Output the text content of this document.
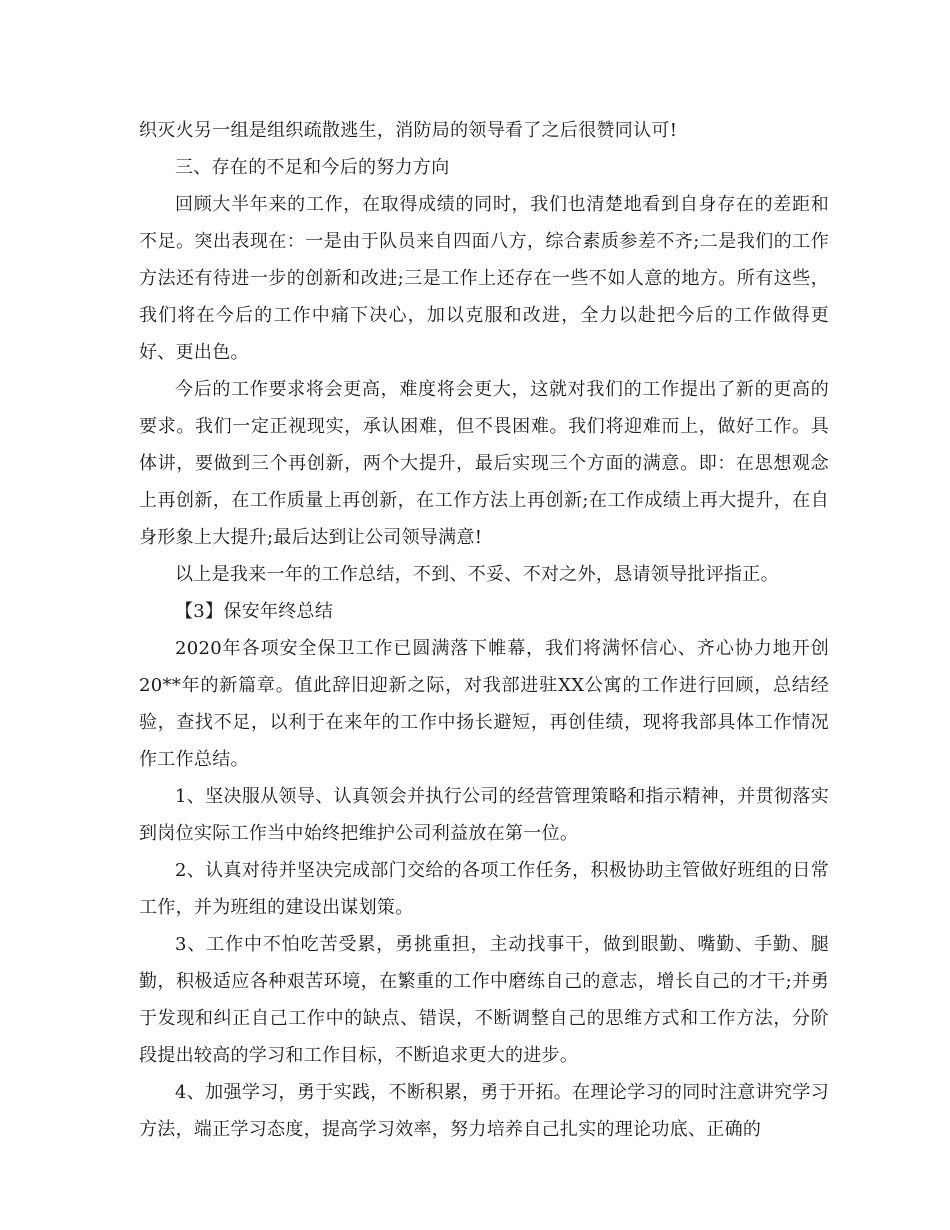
织灭火另一组是组织疏散逃生，消防局的领导看了之后很赞同认可!

三、存在的不足和今后的努力方向

回顾大半年来的工作，在取得成绩的同时，我们也清楚地看到自身存在的差距和不足。突出表现在：一是由于队员来自四面八方，综合素质参差不齐;二是我们的工作方法还有待进一步的创新和改进;三是工作上还存在一些不如人意的地方。所有这些，我们将在今后的工作中痛下决心，加以克服和改进，全力以赴把今后的工作做得更好、更出色。

今后的工作要求将会更高，难度将会更大，这就对我们的工作提出了新的更高的要求。我们一定正视现实，承认困难，但不畏困难。我们将迎难而上，做好工作。具体讲，要做到三个再创新，两个大提升，最后实现三个方面的满意。即：在思想观念上再创新，在工作质量上再创新，在工作方法上再创新;在工作成绩上再大提升，在自身形象上大提升;最后达到让公司领导满意!

以上是我来一年的工作总结，不到、不妥、不对之外，恳请领导批评指正。

【3】保安年终总结

2020年各项安全保卫工作已圆满落下帷幕，我们将满怀信心、齐心协力地开创20**年的新篇章。值此辞旧迎新之际，对我部进驻XX公寓的工作进行回顾，总结经验，查找不足，以利于在来年的工作中扬长避短，再创佳绩，现将我部具体工作情况作工作总结。

1、坚决服从领导、认真领会并执行公司的经营管理策略和指示精神，并贯彻落实到岗位实际工作当中始终把维护公司利益放在第一位。

2、认真对待并坚决完成部门交给的各项工作任务，积极协助主管做好班组的日常工作，并为班组的建设出谋划策。

3、工作中不怕吃苦受累，勇挑重担，主动找事干，做到眼勤、嘴勤、手勤、腿勤，积极适应各种艰苦环境，在繁重的工作中磨练自己的意志，增长自己的才干;并勇于发现和纠正自己工作中的缺点、错误，不断调整自己的思维方式和工作方法，分阶段提出较高的学习和工作目标，不断追求更大的进步。

4、加强学习，勇于实践，不断积累，勇于开拓。在理论学习的同时注意讲究学习方法，端正学习态度，提高学习效率，努力培养自己扎实的理论功底、正确的
